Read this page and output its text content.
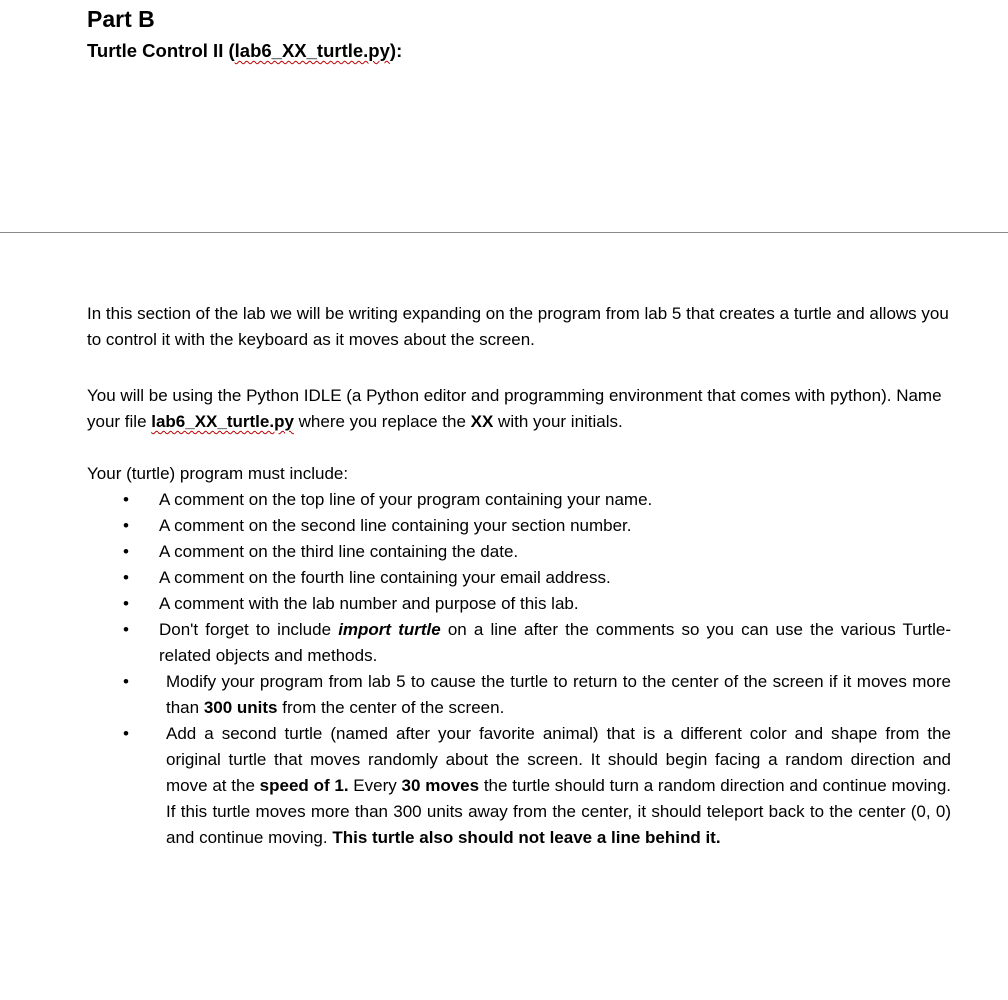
Part B
Turtle Control II (lab6_XX_turtle.py):

In this section of the lab we will be writing expanding on the program from lab 5 that creates a turtle and allows you to control it with the keyboard as it moves about the screen.

You will be using the Python IDLE (a Python editor and programming environment that comes with python). Name your file lab6_XX_turtle.py where you replace the XX with your initials.

Your (turtle) program must include:

• A comment on the top line of your program containing your name.
• A comment on the second line containing your section number.
• A comment on the third line containing the date.
• A comment on the fourth line containing your email address.
• A comment with the lab number and purpose of this lab.
• Don't forget to include import turtle on a line after the comments so you can use the various Turtle-related objects and methods.
• Modify your program from lab 5 to cause the turtle to return to the center of the screen if it moves more than 300 units from the center of the screen.
• Add a second turtle (named after your favorite animal) that is a different color and shape from the original turtle that moves randomly about the screen. It should begin facing a random direction and move at the speed of 1. Every 30 moves the turtle should turn a random direction and continue moving. If this turtle moves more than 300 units away from the center, it should teleport back to the center (0, 0) and continue moving. This turtle also should not leave a line behind it.
